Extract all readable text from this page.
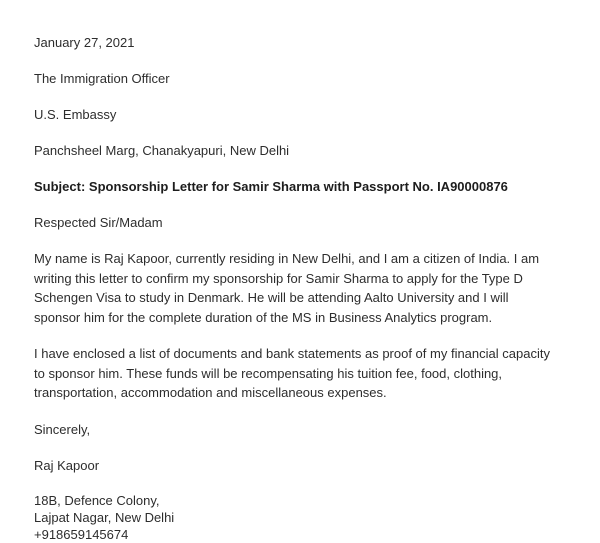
January 27, 2021

The Immigration Officer

U.S. Embassy

Panchsheel Marg, Chanakyapuri, New Delhi

Subject: Sponsorship Letter for Samir Sharma with Passport No. IA90000876

Respected Sir/Madam

My name is Raj Kapoor, currently residing in New Delhi, and I am a citizen of India. I am writing this letter to confirm my sponsorship for Samir Sharma to apply for the Type D Schengen Visa to study in Denmark. He will be attending Aalto University and I will sponsor him for the complete duration of the MS in Business Analytics program.

I have enclosed a list of documents and bank statements as proof of my financial capacity to sponsor him. These funds will be recompensating his tuition fee, food, clothing, transportation, accommodation and miscellaneous expenses.

Sincerely,

Raj Kapoor

18B, Defence Colony,
Lajpat Nagar, New Delhi
+918659145674
